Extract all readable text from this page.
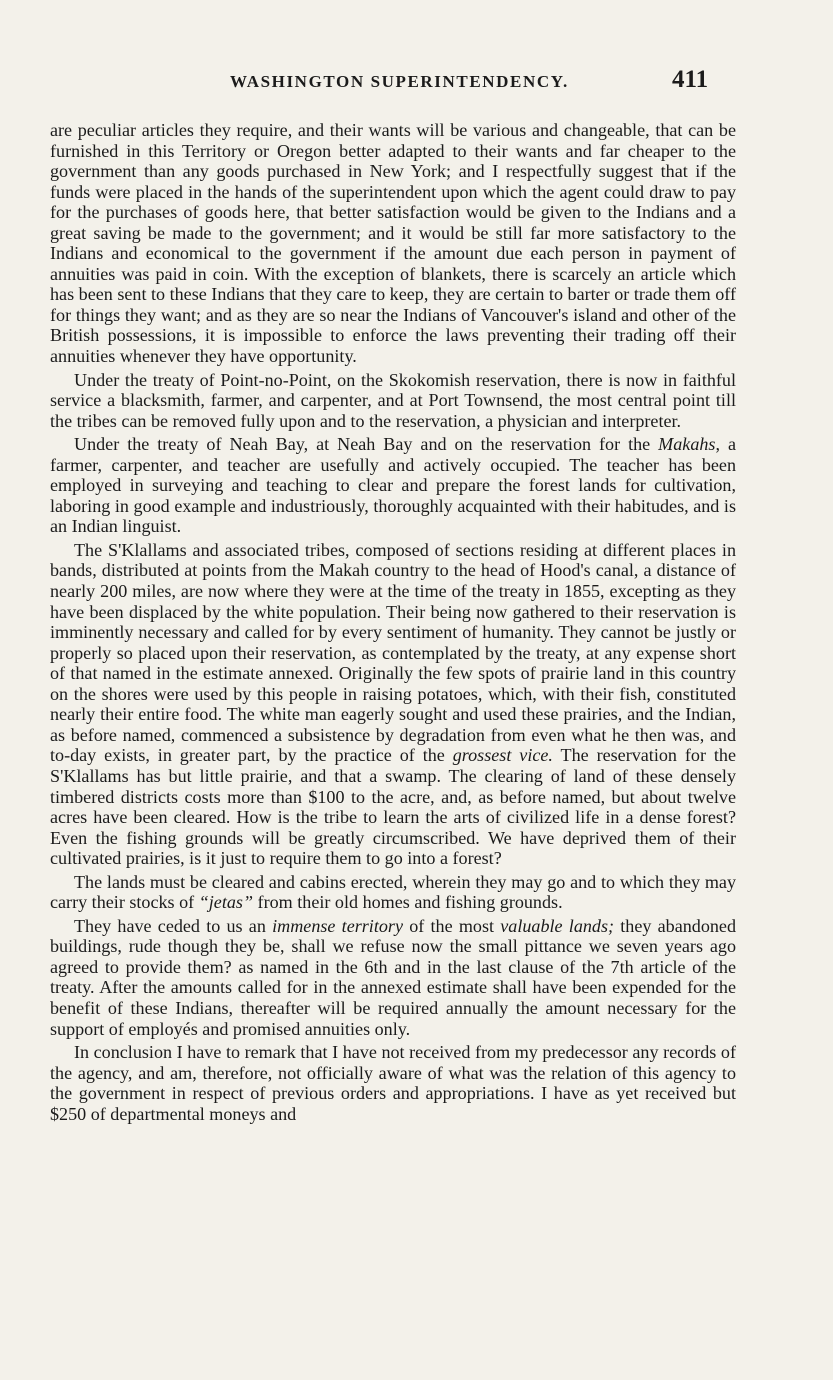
WASHINGTON SUPERINTENDENCY.	411

are peculiar articles they require, and their wants will be various and changeable, that can be furnished in this Territory or Oregon better adapted to their wants and far cheaper to the government than any goods purchased in New York; and I respectfully suggest that if the funds were placed in the hands of the superintendent upon which the agent could draw to pay for the purchases of goods here, that better satisfaction would be given to the Indians and a great saving be made to the government; and it would be still far more satisfactory to the Indians and economical to the government if the amount due each person in payment of annuities was paid in coin. With the exception of blankets, there is scarcely an article which has been sent to these Indians that they care to keep, they are certain to barter or trade them off for things they want; and as they are so near the Indians of Vancouver's island and other of the British possessions, it is impossible to enforce the laws preventing their trading off their annuities whenever they have opportunity.

Under the treaty of Point-no-Point, on the Skokomish reservation, there is now in faithful service a blacksmith, farmer, and carpenter, and at Port Townsend, the most central point till the tribes can be removed fully upon and to the reservation, a physician and interpreter.

Under the treaty of Neah Bay, at Neah Bay and on the reservation for the Makahs, a farmer, carpenter, and teacher are usefully and actively occupied. The teacher has been employed in surveying and teaching to clear and prepare the forest lands for cultivation, laboring in good example and industriously, thoroughly acquainted with their habitudes, and is an Indian linguist.

The S'Klallams and associated tribes, composed of sections residing at different places in bands, distributed at points from the Makah country to the head of Hood's canal, a distance of nearly 200 miles, are now where they were at the time of the treaty in 1855, excepting as they have been displaced by the white population. Their being now gathered to their reservation is imminently necessary and called for by every sentiment of humanity. They cannot be justly or properly so placed upon their reservation, as contemplated by the treaty, at any expense short of that named in the estimate annexed. Originally the few spots of prairie land in this country on the shores were used by this people in raising potatoes, which, with their fish, constituted nearly their entire food. The white man eagerly sought and used these prairies, and the Indian, as before named, commenced a subsistence by degradation from even what he then was, and to-day exists, in greater part, by the practice of the grossest vice. The reservation for the S'Klallams has but little prairie, and that a swamp. The clearing of land of these densely timbered districts costs more than $100 to the acre, and, as before named, but about twelve acres have been cleared. How is the tribe to learn the arts of civilized life in a dense forest? Even the fishing grounds will be greatly circumscribed. We have deprived them of their cultivated prairies, is it just to require them to go into a forest?

The lands must be cleared and cabins erected, wherein they may go and to which they may carry their stocks of “jetas” from their old homes and fishing grounds.

They have ceded to us an immense territory of the most valuable lands; they abandoned buildings, rude though they be, shall we refuse now the small pittance we seven years ago agreed to provide them? as named in the 6th and in the last clause of the 7th article of the treaty. After the amounts called for in the annexed estimate shall have been expended for the benefit of these Indians, thereafter will be required annually the amount necessary for the support of employés and promised annuities only.

In conclusion I have to remark that I have not received from my predecessor any records of the agency, and am, therefore, not officially aware of what was the relation of this agency to the government in respect of previous orders and appropriations. I have as yet received but $250 of departmental moneys and
